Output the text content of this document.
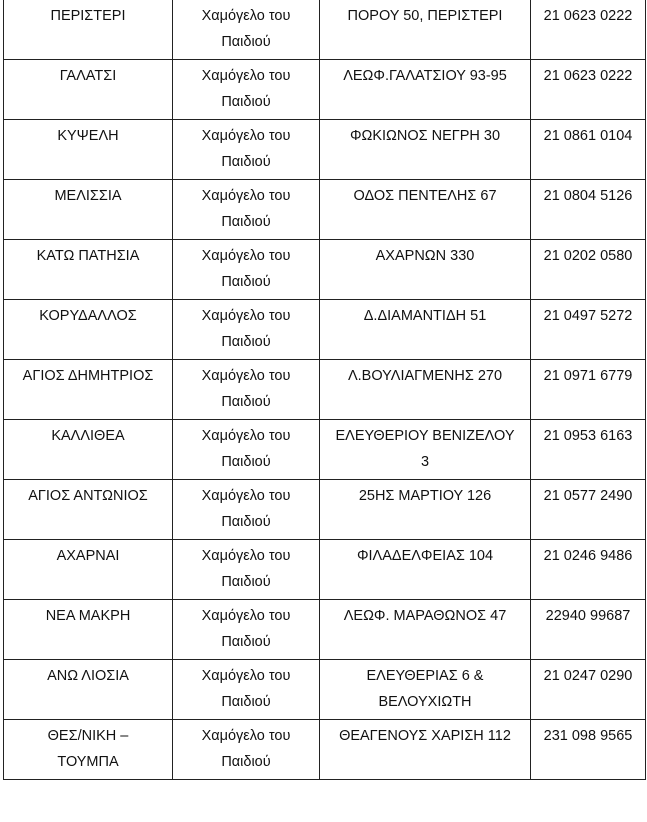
ΠΕΡΙΣΤΕΡΙ	Χαμόγελο του
Παιδιού	ΠΟΡΟΥ 50, ΠΕΡΙΣΤΕΡΙ	21 0623 0222

ΓΑΛΑΤΣΙ	Χαμόγελο του
Παιδιού	ΛΕΩΦ.ΓΑΛΑΤΣΙΟΥ 93-95	21 0623 0222

ΚΥΨΕΛΗ	Χαμόγελο του
Παιδιού	ΦΩΚΙΩΝΟΣ ΝΕΓΡΗ 30	21 0861 0104

ΜΕΛΙΣΣΙΑ	Χαμόγελο του
Παιδιού	ΟΔΟΣ ΠΕΝΤΕΛΗΣ 67	21 0804 5126

ΚΑΤΩ ΠΑΤΗΣΙΑ	Χαμόγελο του
Παιδιού	ΑΧΑΡΝΩΝ 330	21 0202 0580

ΚΟΡΥΔΑΛΛΟΣ	Χαμόγελο του
Παιδιού	Δ.ΔΙΑΜΑΝΤΙΔΗ 51	21 0497 5272

ΑΓΙΟΣ ΔΗΜΗΤΡΙΟΣ	Χαμόγελο του
Παιδιού	Λ.ΒΟΥΛΙΑΓΜΕΝΗΣ 270	21 0971 6779

ΚΑΛΛΙΘΕΑ	Χαμόγελο του
Παιδιού	ΕΛΕΥΘΕΡΙΟΥ ΒΕΝΙΖΕΛΟΥ
3	21 0953 6163

ΑΓΙΟΣ ΑΝΤΩΝΙΟΣ	Χαμόγελο του
Παιδιού	25ΗΣ ΜΑΡΤΙΟΥ 126	21 0577 2490

ΑΧΑΡΝΑΙ	Χαμόγελο του
Παιδιού	ΦΙΛΑΔΕΛΦΕΙΑΣ 104	21 0246 9486

ΝΕΑ ΜΑΚΡΗ	Χαμόγελο του
Παιδιού	ΛΕΩΦ. ΜΑΡΑΘΩΝΟΣ 47	22940 99687

ΑΝΩ ΛΙΟΣΙΑ	Χαμόγελο του
Παιδιού	ΕΛΕΥΘΕΡΙΑΣ 6 &
ΒΕΛΟΥΧΙΩΤΗ	21 0247 0290

ΘΕΣ/ΝΙΚΗ –
ΤΟΥΜΠΑ	Χαμόγελο του
Παιδιού	ΘΕΑΓΕΝΟΥΣ ΧΑΡΙΣΗ 112	231 098 9565
